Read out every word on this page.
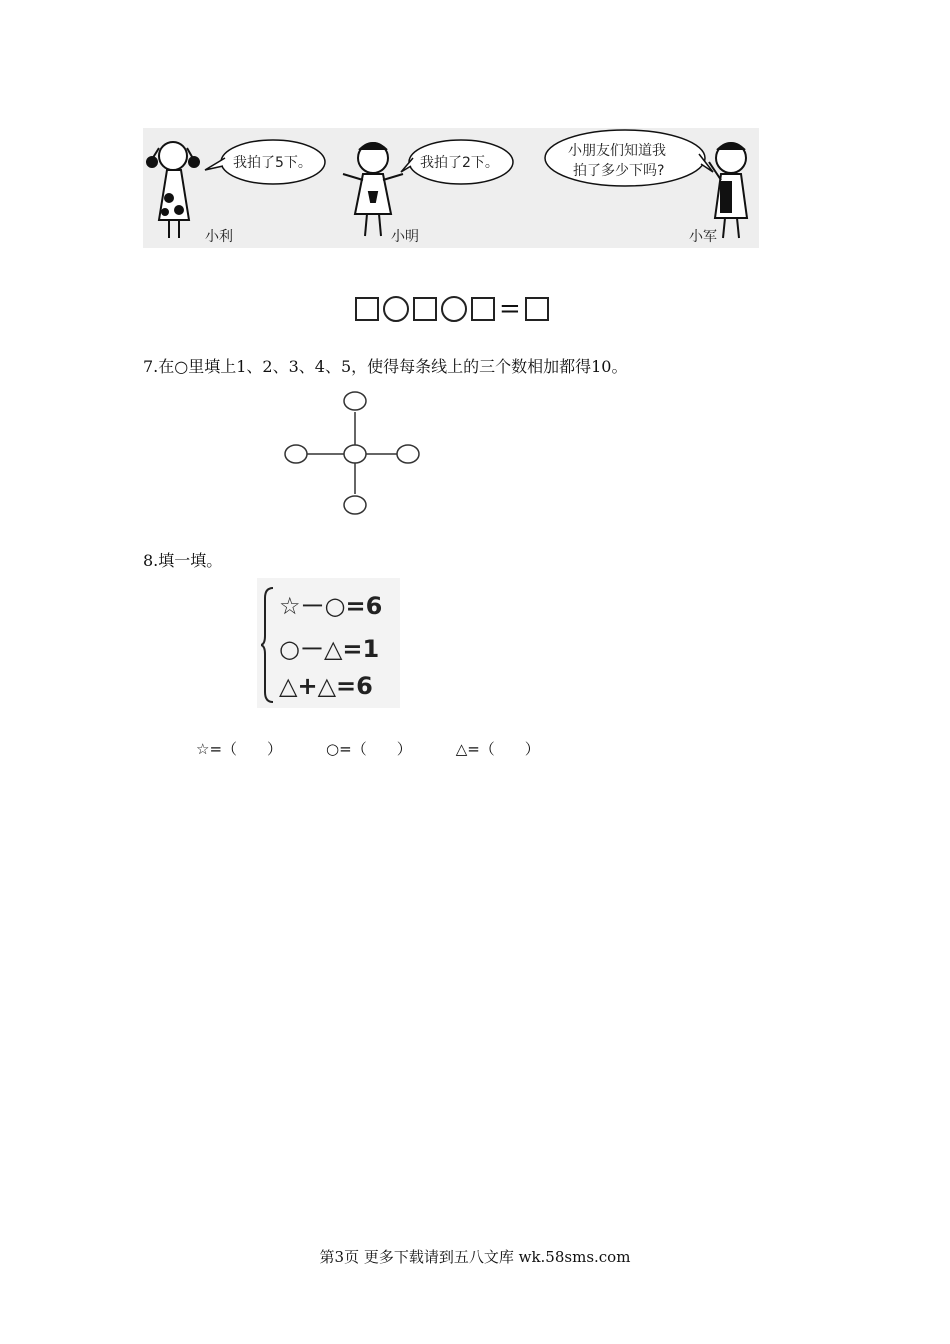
我拍了5下。	我拍了2下。
小朋友们知道我
拍了多少下吗?
小利	小明	小军
=
7.在○里填上1、2、3、4、5，使得每条线上的三个数相加都得10。
8.填一填。
☆－○=6
○－△=1
△+△=6
☆=（　　）	○=（　　）	△=（　　）
第3页 更多下载请到五八文库 wk.58sms.com
